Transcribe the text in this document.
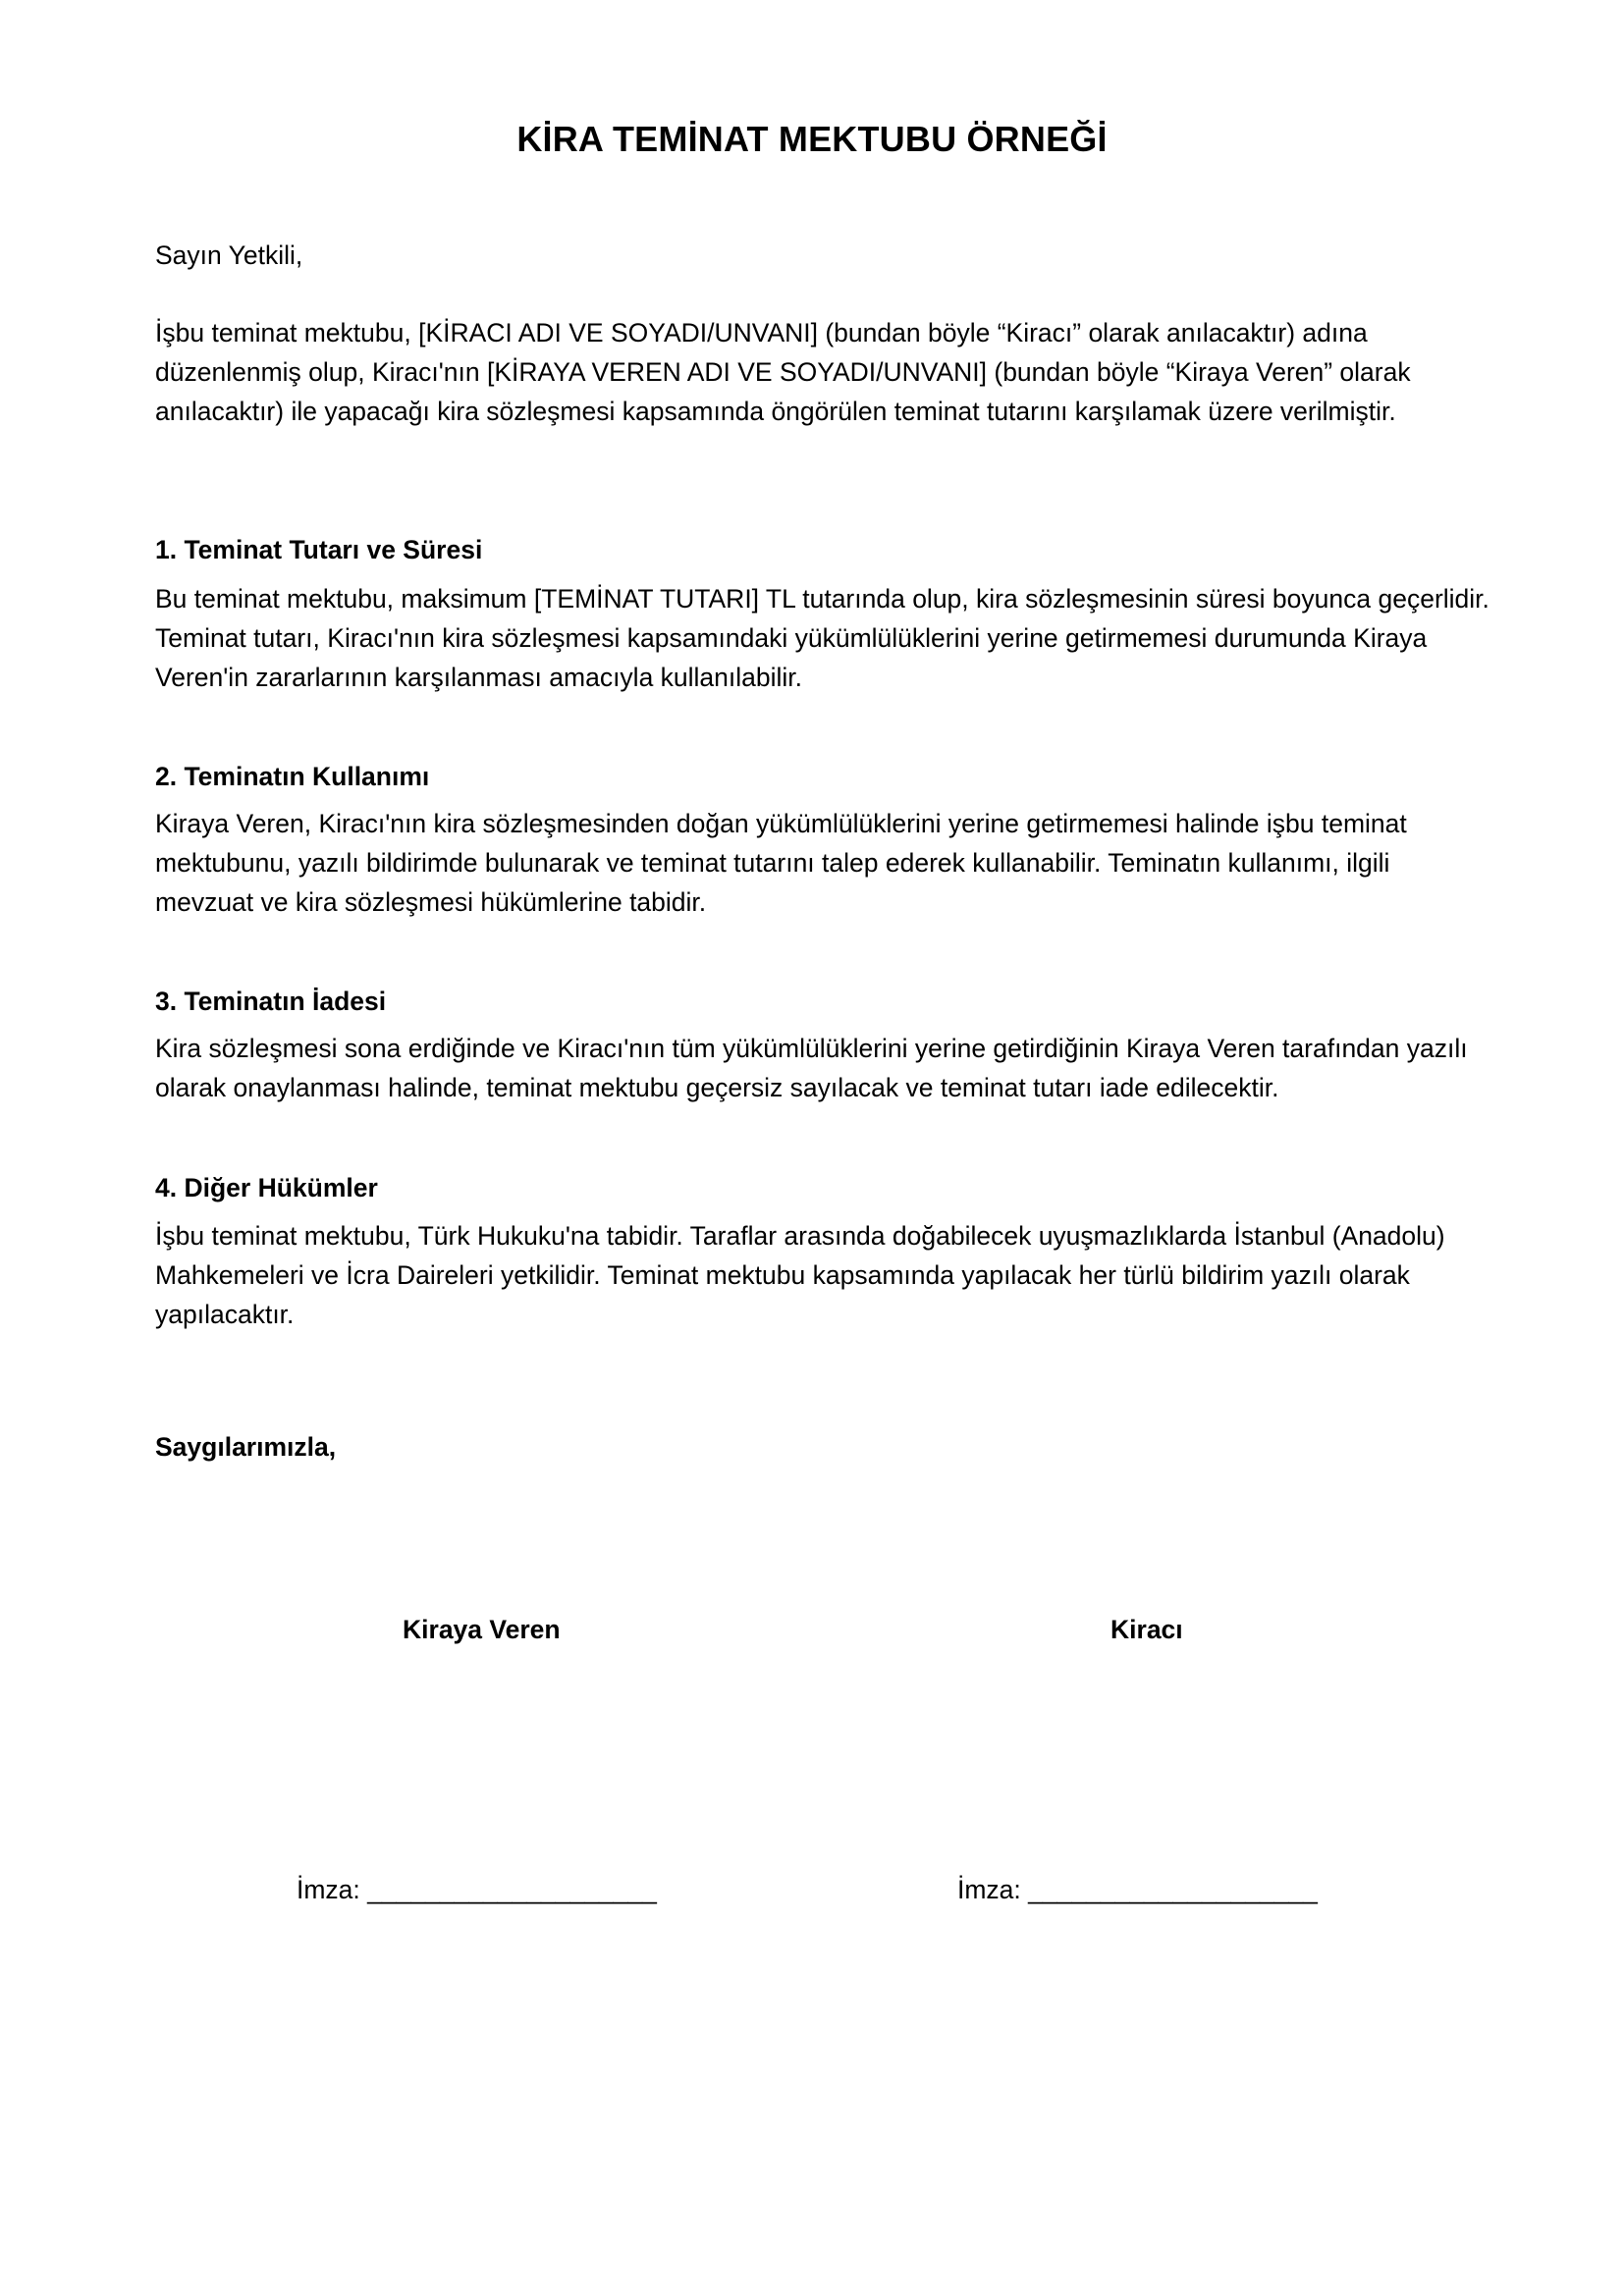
KİRA TEMİNAT MEKTUBU ÖRNEĞİ

Sayın Yetkili,

İşbu teminat mektubu, [KİRACI ADI VE SOYADI/UNVANI] (bundan böyle “Kiracı” olarak anılacaktır) adına düzenlenmiş olup, Kiracı'nın [KİRAYA VEREN ADI VE SOYADI/UNVANI] (bundan böyle “Kiraya Veren” olarak anılacaktır) ile yapacağı kira sözleşmesi kapsamında öngörülen teminat tutarını karşılamak üzere verilmiştir.

1. Teminat Tutarı ve Süresi

Bu teminat mektubu, maksimum [TEMİNAT TUTARI] TL tutarında olup, kira sözleşmesinin süresi boyunca geçerlidir. Teminat tutarı, Kiracı'nın kira sözleşmesi kapsamındaki yükümlülüklerini yerine getirmemesi durumunda Kiraya Veren'in zararlarının karşılanması amacıyla kullanılabilir.

2. Teminatın Kullanımı

Kiraya Veren, Kiracı'nın kira sözleşmesinden doğan yükümlülüklerini yerine getirmemesi halinde işbu teminat mektubunu, yazılı bildirimde bulunarak ve teminat tutarını talep ederek kullanabilir. Teminatın kullanımı, ilgili mevzuat ve kira sözleşmesi hükümlerine tabidir.

3. Teminatın İadesi

Kira sözleşmesi sona erdiğinde ve Kiracı'nın tüm yükümlülüklerini yerine getirdiğinin Kiraya Veren tarafından yazılı olarak onaylanması halinde, teminat mektubu geçersiz sayılacak ve teminat tutarı iade edilecektir.

4. Diğer Hükümler

İşbu teminat mektubu, Türk Hukuku'na tabidir. Taraflar arasında doğabilecek uyuşmazlıklarda İstanbul (Anadolu) Mahkemeleri ve İcra Daireleri yetkilidir. Teminat mektubu kapsamında yapılacak her türlü bildirim yazılı olarak yapılacaktır.

Saygılarımızla,

Kiraya Veren	Kiracı
İmza: ____________________	İmza: ____________________
